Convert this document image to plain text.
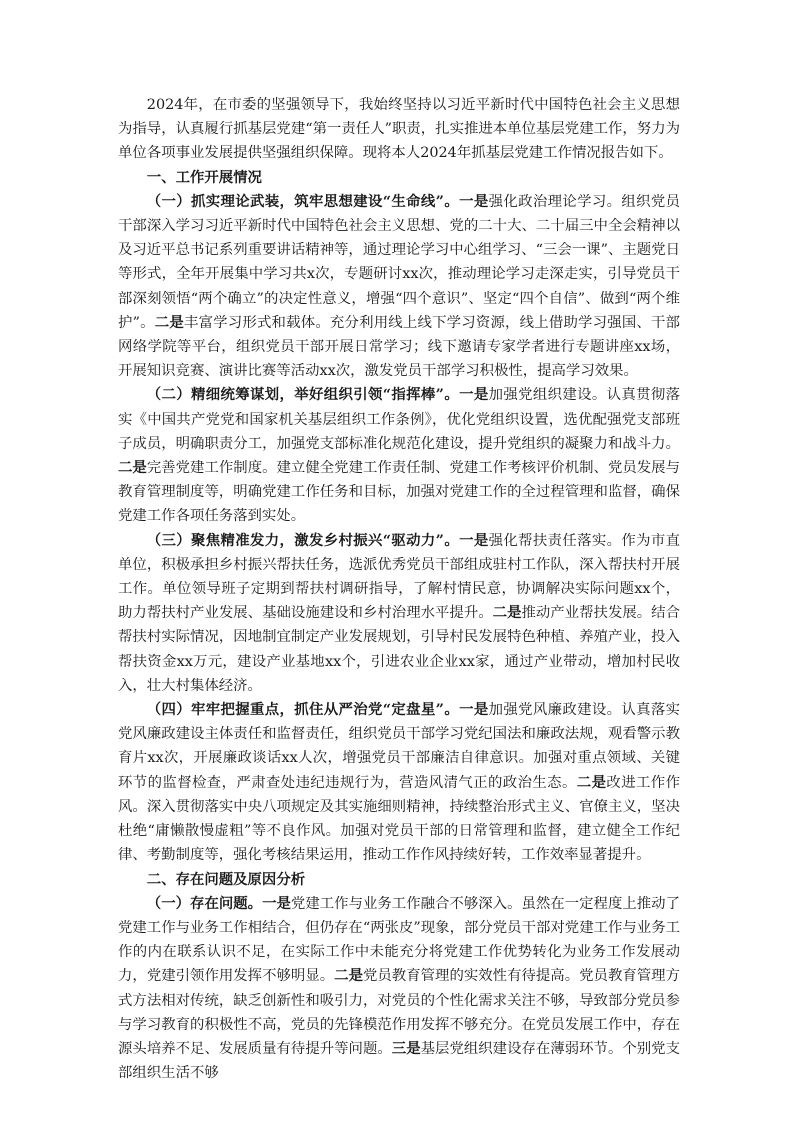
2024年，在市委的坚强领导下，我始终坚持以习近平新时代中国特色社会主义思想为指导，认真履行抓基层党建“第一责任人”职责，扎实推进本单位基层党建工作，努力为单位各项事业发展提供坚强组织保障。现将本人2024年抓基层党建工作情况报告如下。

一、工作开展情况

（一）抓实理论武装，筑牢思想建设“生命线”。一是强化政治理论学习。组织党员干部深入学习习近平新时代中国特色社会主义思想、党的二十大、二十届三中全会精神以及习近平总书记系列重要讲话精神等，通过理论学习中心组学习、“三会一课”、主题党日等形式，全年开展集中学习共x次，专题研讨xx次，推动理论学习走深走实，引导党员干部深刻领悟“两个确立”的决定性意义，增强“四个意识”、坚定“四个自信”、做到“两个维护”。二是丰富学习形式和载体。充分利用线上线下学习资源，线上借助学习强国、干部网络学院等平台，组织党员干部开展日常学习；线下邀请专家学者进行专题讲座xx场，开展知识竞赛、演讲比赛等活动xx次，激发党员干部学习积极性，提高学习效果。

（二）精细统筹谋划，举好组织引领“指挥棒”。一是加强党组织建设。认真贯彻落实《中国共产党党和国家机关基层组织工作条例》，优化党组织设置，选优配强党支部班子成员，明确职责分工，加强党支部标准化规范化建设，提升党组织的凝聚力和战斗力。二是完善党建工作制度。建立健全党建工作责任制、党建工作考核评价机制、党员发展与教育管理制度等，明确党建工作任务和目标，加强对党建工作的全过程管理和监督，确保党建工作各项任务落到实处。

（三）聚焦精准发力，激发乡村振兴“驱动力”。一是强化帮扶责任落实。作为市直单位，积极承担乡村振兴帮扶任务，选派优秀党员干部组成驻村工作队，深入帮扶村开展工作。单位领导班子定期到帮扶村调研指导，了解村情民意，协调解决实际问题xx个，助力帮扶村产业发展、基础设施建设和乡村治理水平提升。二是推动产业帮扶发展。结合帮扶村实际情况，因地制宜制定产业发展规划，引导村民发展特色种植、养殖产业，投入帮扶资金xx万元，建设产业基地xx个，引进农业企业xx家，通过产业带动，增加村民收入，壮大村集体经济。

（四）牢牢把握重点，抓住从严治党“定盘星”。一是加强党风廉政建设。认真落实党风廉政建设主体责任和监督责任，组织党员干部学习党纪国法和廉政法规，观看警示教育片xx次，开展廉政谈话xx人次，增强党员干部廉洁自律意识。加强对重点领域、关键环节的监督检查，严肃查处违纪违规行为，营造风清气正的政治生态。二是改进工作作风。深入贯彻落实中央八项规定及其实施细则精神，持续整治形式主义、官僚主义，坚决杜绝“庸懒散慢虚粗”等不良作风。加强对党员干部的日常管理和监督，建立健全工作纪律、考勤制度等，强化考核结果运用，推动工作作风持续好转，工作效率显著提升。

二、存在问题及原因分析

（一）存在问题。一是党建工作与业务工作融合不够深入。虽然在一定程度上推动了党建工作与业务工作相结合，但仍存在“两张皮”现象，部分党员干部对党建工作与业务工作的内在联系认识不足，在实际工作中未能充分将党建工作优势转化为业务工作发展动力，党建引领作用发挥不够明显。二是党员教育管理的实效性有待提高。党员教育管理方式方法相对传统，缺乏创新性和吸引力，对党员的个性化需求关注不够，导致部分党员参与学习教育的积极性不高，党员的先锋模范作用发挥不够充分。在党员发展工作中，存在源头培养不足、发展质量有待提升等问题。三是基层党组织建设存在薄弱环节。个别党支部组织生活不够
